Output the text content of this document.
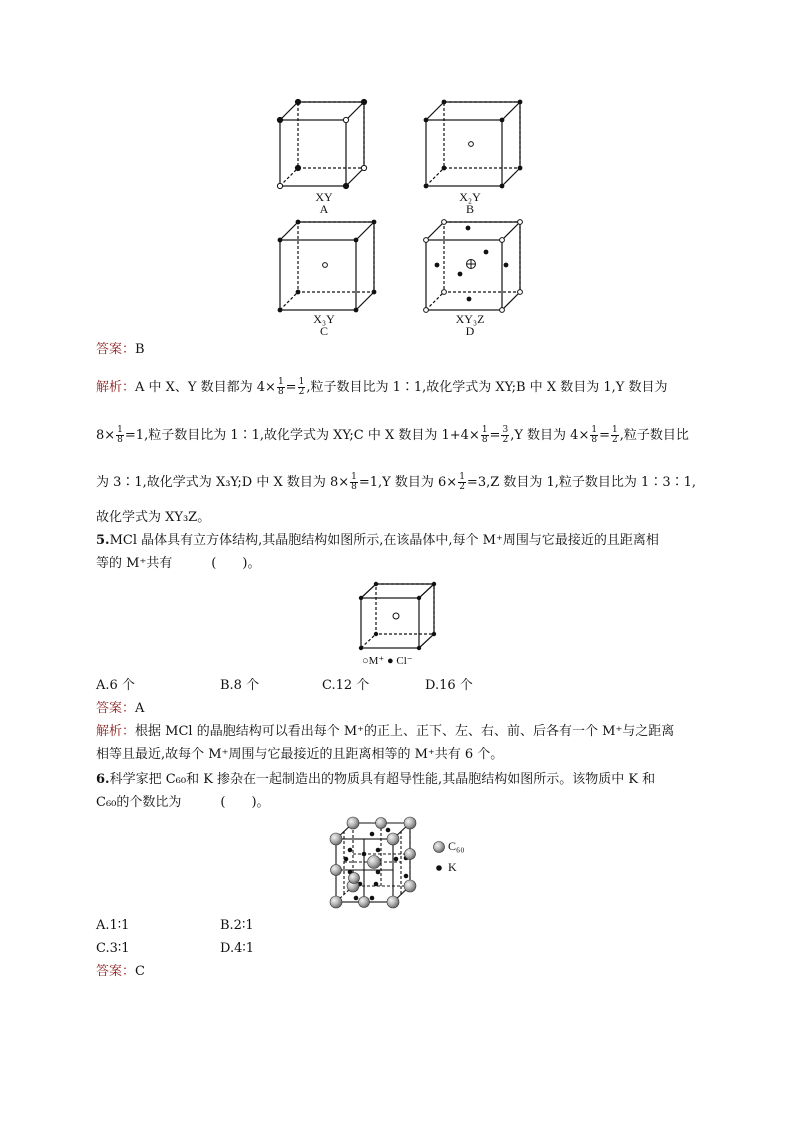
XY
A
X₂Y
B
X₃Y
C
XY₃Z
D
答案：B
解析：A 中 X、Y 数目都为 $4\times \frac{1}{8} = \frac{1}{2}$ ,粒子数目比为 1∶1,故化学式为 XY;B 中 X 数目为 1,Y 数目为
$8\times \frac{1}{8} =1$,粒子数目比为 1∶1,故化学式为 XY;C 中 X 数目为 $1+4\times \frac{1}{8} = \frac{3}{2} ,Y$ 数目为 $4\times \frac{1}{8} = \frac{1}{2}$ ,粒子数目比
为 3∶1,故化学式为 X₃Y;D 中 X 数目为 $8\times \frac{1}{8} =1,Y$ 数目为 $6\times \frac{1}{2} =3,Z$ 数目为 1,粒子数目比为 1∶3∶1,
故化学式为 XY₃Z。
5.MCl 晶体具有立方体结构,其晶胞结构如图所示,在该晶体中,每个 M⁺周围与它最接近的且距离相
等的 M⁺共有　　　(　　)。
○M⁺ ● Cl⁻
A.6 个	B.8 个	C.12 个	D.16 个
答案：A
解析：根据 MCl 的晶胞结构可以看出每个 M⁺的正上、正下、左、右、前、后各有一个 M⁺与之距离
相等且最近,故每个 M⁺周围与它最接近的且距离相等的 M⁺共有 6 个。
6.科学家把 C₆₀和 K 掺杂在一起制造出的物质具有超导性能,其晶胞结构如图所示。该物质中 K 和
C₆₀的个数比为　　　(　　)。
C₆₀
K
A.1∶1	B.2∶1
C.3∶1	D.4∶1
答案：C
